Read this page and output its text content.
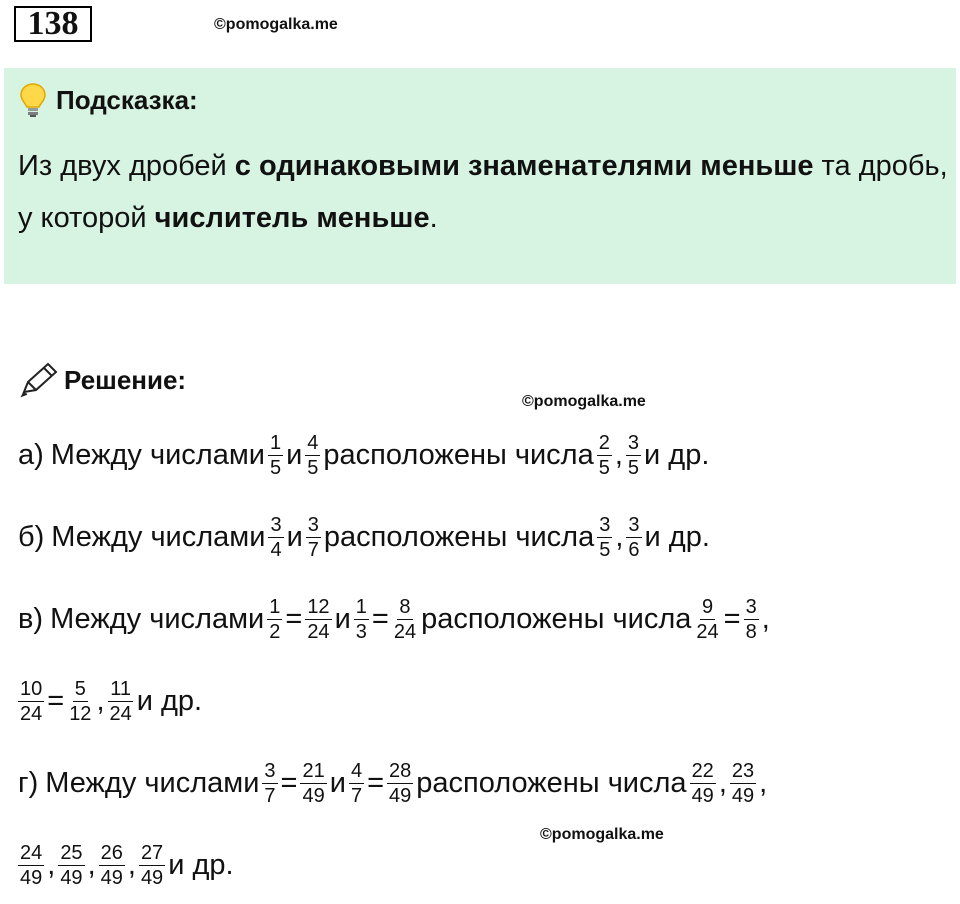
138	©pomogalka.me
Подсказка:
Из двух дробей с одинаковыми знаменателями меньше та дробь, у которой числитель меньше.
Решение:
©pomogalka.me
а) Между числами $\frac{1}{5}$ и $\frac{4}{5}$ расположены числа $\frac{2}{5}$ , $\frac{3}{5}$ и др.
б) Между числами $\frac{3}{4}$ и $\frac{3}{7}$ расположены числа $\frac{3}{5}$ , $\frac{3}{6}$ и др.
в) Между числами $\frac{1}{2} = \frac{12}{24}$ и $\frac{1}{3} = \frac{8}{24}$ расположены числа $\frac{9}{24} = \frac{3}{8}$ ,
$\frac{10}{24} = \frac{5}{12}$ , $\frac{11}{24}$ и др.
г) Между числами $\frac{3}{7} = \frac{21}{49}$ и $\frac{4}{7} = \frac{28}{49}$ расположены числа $\frac{22}{49}$ , $\frac{23}{49}$ ,
©pomogalka.me
$\frac{24}{49}$ , $\frac{25}{49}$ , $\frac{26}{49}$ , $\frac{27}{49}$ и др.
